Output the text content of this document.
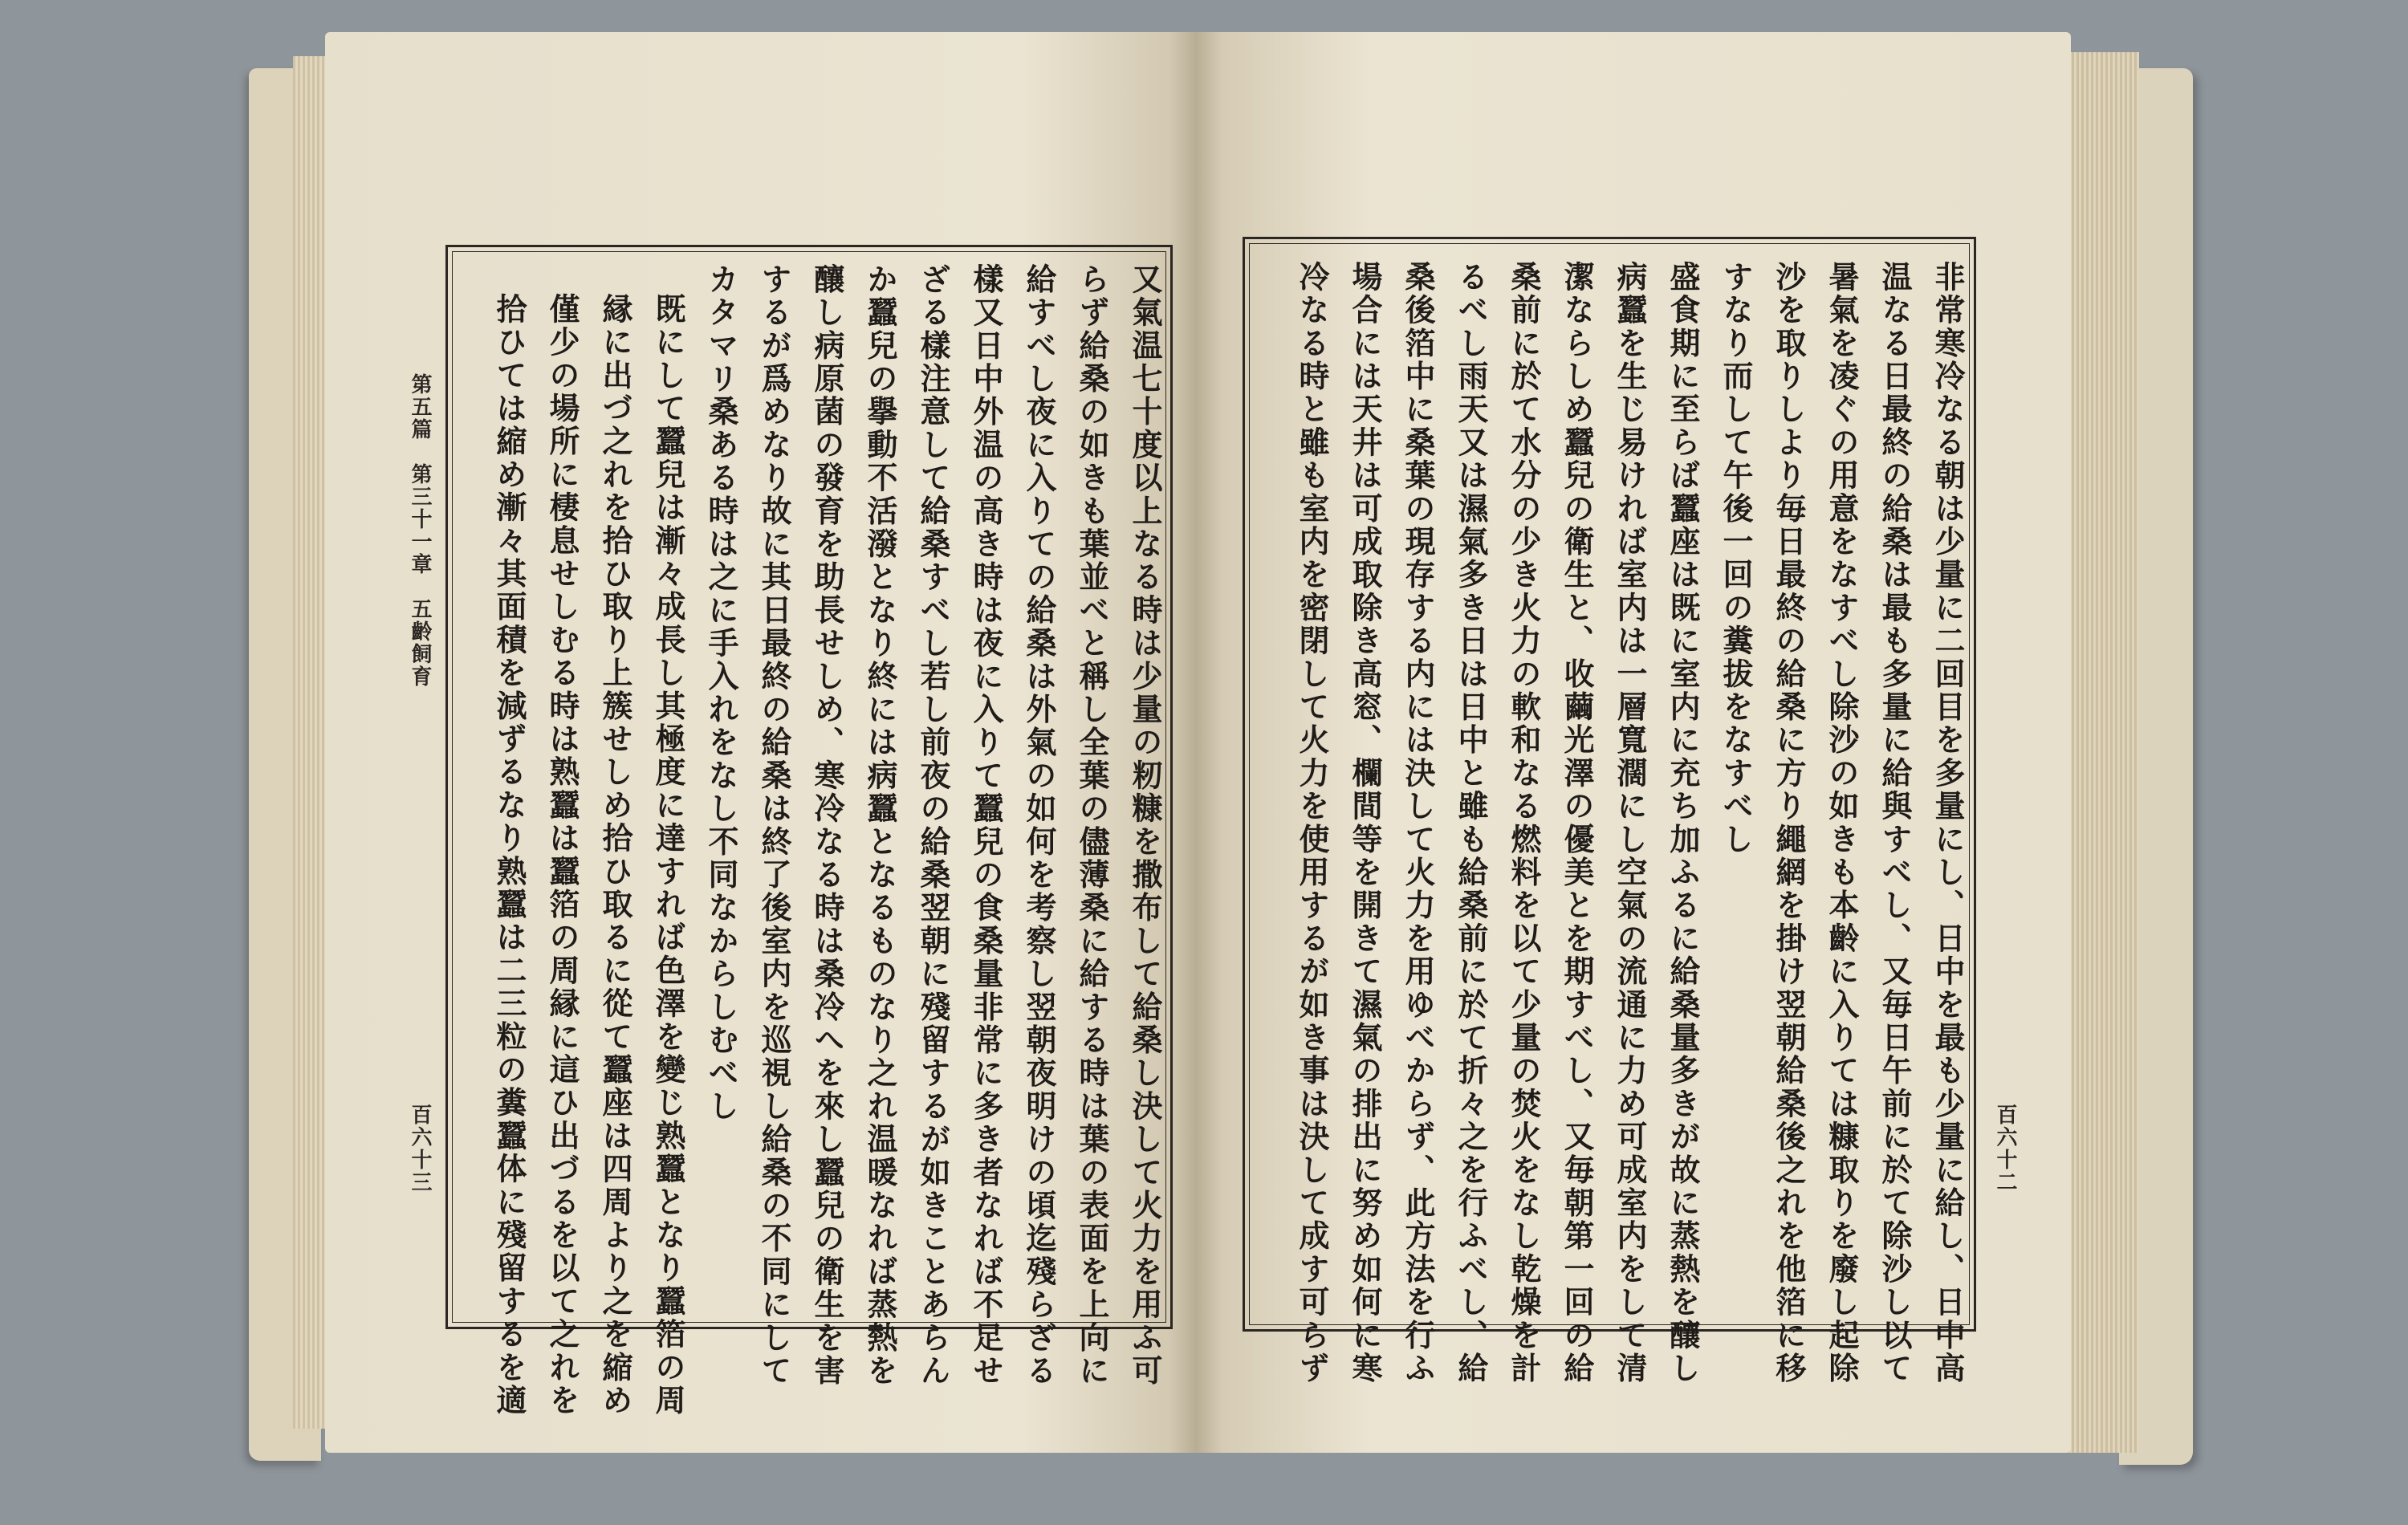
第五篇　第三十一章　五齡飼育
百六十三	又氣温七十度以上なる時は少量の籾糠を撒布して給桑し決して火力を用ふ可
らず給桑の如きも葉並べと稱し全葉の儘薄桑に給する時は葉の表面を上向に
給すべし夜に入りての給桑は外氣の如何を考察し翌朝夜明けの頃迄殘らざる
樣又日中外温の高き時は夜に入りて蠶兒の食桑量非常に多き者なれば不足せ
ざる樣注意して給桑すべし若し前夜の給桑翌朝に殘留するが如きことあらん
か蠶兒の擧動不活潑となり終には病蠶となるものなり之れ温暖なれば蒸熱を
釀し病原菌の發育を助長せしめ、寒冷なる時は桑冷へを來し蠶兒の衛生を害
するが爲めなり故に其日最終の給桑は終了後室内を巡視し給桑の不同にして
カタマリ桑ある時は之に手入れをなし不同なからしむべし
既にして蠶兒は漸々成長し其極度に達すれば色澤を變じ熟蠶となり蠶箔の周
縁に出づ之れを拾ひ取り上簇せしめ拾ひ取るに從て蠶座は四周より之を縮め
僅少の場所に棲息せしむる時は熟蠶は蠶箔の周縁に這ひ出づるを以て之れを
拾ひては縮め漸々其面積を減ずるなり熟蠶は二三粒の糞蠶体に殘留するを適	百六十二
非常寒冷なる朝は少量に二回目を多量にし、日中を最も少量に給し、日中高
温なる日最終の給桑は最も多量に給與すべし、又毎日午前に於て除沙し以て
暑氣を凌ぐの用意をなすべし除沙の如きも本齡に入りては糠取りを廢し起除
沙を取りしより毎日最終の給桑に方り繩網を掛け翌朝給桑後之れを他箔に移
すなり而して午後一回の糞拔をなすべし
盛食期に至らば蠶座は既に室内に充ち加ふるに給桑量多きが故に蒸熱を釀し
病蠶を生じ易ければ室内は一層寬濶にし空氣の流通に力め可成室内をして清
潔ならしめ蠶兒の衛生と、收繭光澤の優美とを期すべし、又毎朝第一回の給
桑前に於て水分の少き火力の軟和なる燃料を以て少量の焚火をなし乾燥を計
るべし雨天又は濕氣多き日は日中と雖も給桑前に於て折々之を行ふべし、給
桑後箔中に桑葉の現存する内には決して火力を用ゆべからず、此方法を行ふ
場合には天井は可成取除き高窓、欄間等を開きて濕氣の排出に努め如何に寒
冷なる時と雖も室内を密閉して火力を使用するが如き事は決して成す可らず
